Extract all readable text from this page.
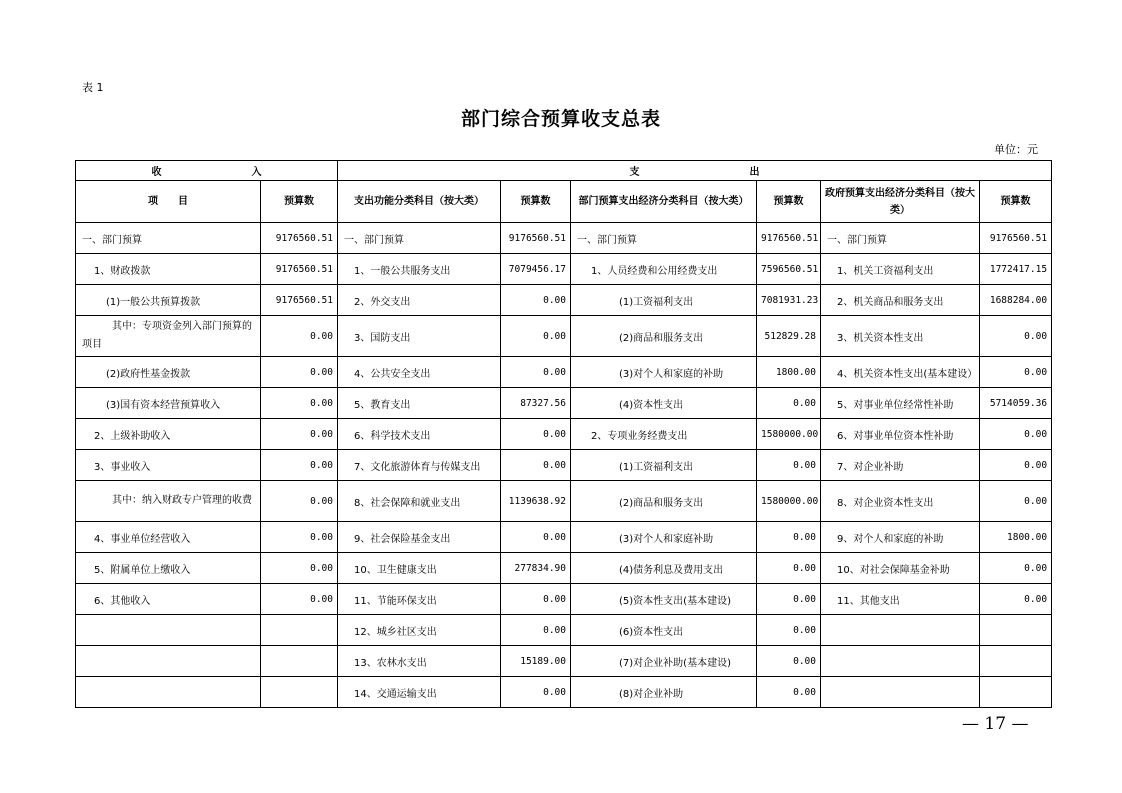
表 1
部门综合预算收支总表
单位：元
收　　　　　　　　　入		支　　　　　　　　　　　出					
项　　目	预算数	支出功能分类科目（按大类）	预算数	部门预算支出经济分类科目（按大类）	预算数	政府预算支出经济分类科目（按大类）	预算数
一、部门预算	9176560.51	一、部门预算	9176560.51	一、部门预算	9176560.51	一、部门预算	9176560.51
1、财政拨款	9176560.51	1、一般公共服务支出	7079456.17	1、人员经费和公用经费支出	7596560.51	1、机关工资福利支出	1772417.15
(1)一般公共预算拨款	9176560.51	2、外交支出	0.00	(1)工资福利支出	7081931.23	2、机关商品和服务支出	1688284.00
其中：专项资金列入部门预算的项目	0.00	3、国防支出	0.00	(2)商品和服务支出	512829.28	3、机关资本性支出	0.00
(2)政府性基金拨款	0.00	4、公共安全支出	0.00	(3)对个人和家庭的补助	1800.00	4、机关资本性支出(基本建设）	0.00
(3)国有资本经营预算收入	0.00	5、教育支出	87327.56	(4)资本性支出	0.00	5、对事业单位经常性补助	5714059.36
2、上级补助收入	0.00	6、科学技术支出	0.00	2、专项业务经费支出	1580000.00	6、对事业单位资本性补助	0.00
3、事业收入	0.00	7、文化旅游体育与传媒支出	0.00	(1)工资福利支出	0.00	7、对企业补助	0.00
其中：纳入财政专户管理的收费	0.00	8、社会保障和就业支出	1139638.92	(2)商品和服务支出	1580000.00	8、对企业资本性支出	0.00
4、事业单位经营收入	0.00	9、社会保险基金支出	0.00	(3)对个人和家庭补助	0.00	9、对个人和家庭的补助	1800.00
5、附属单位上缴收入	0.00	10、卫生健康支出	277834.90	(4)债务利息及费用支出	0.00	10、对社会保障基金补助	0.00
6、其他收入	0.00	11、节能环保支出	0.00	(5)资本性支出(基本建设)	0.00	11、其他支出	0.00
		12、城乡社区支出	0.00	(6)资本性支出	0.00		
		13、农林水支出	15189.00	(7)对企业补助(基本建设)	0.00		
		14、交通运输支出	0.00	(8)对企业补助	0.00		
— 17 —
